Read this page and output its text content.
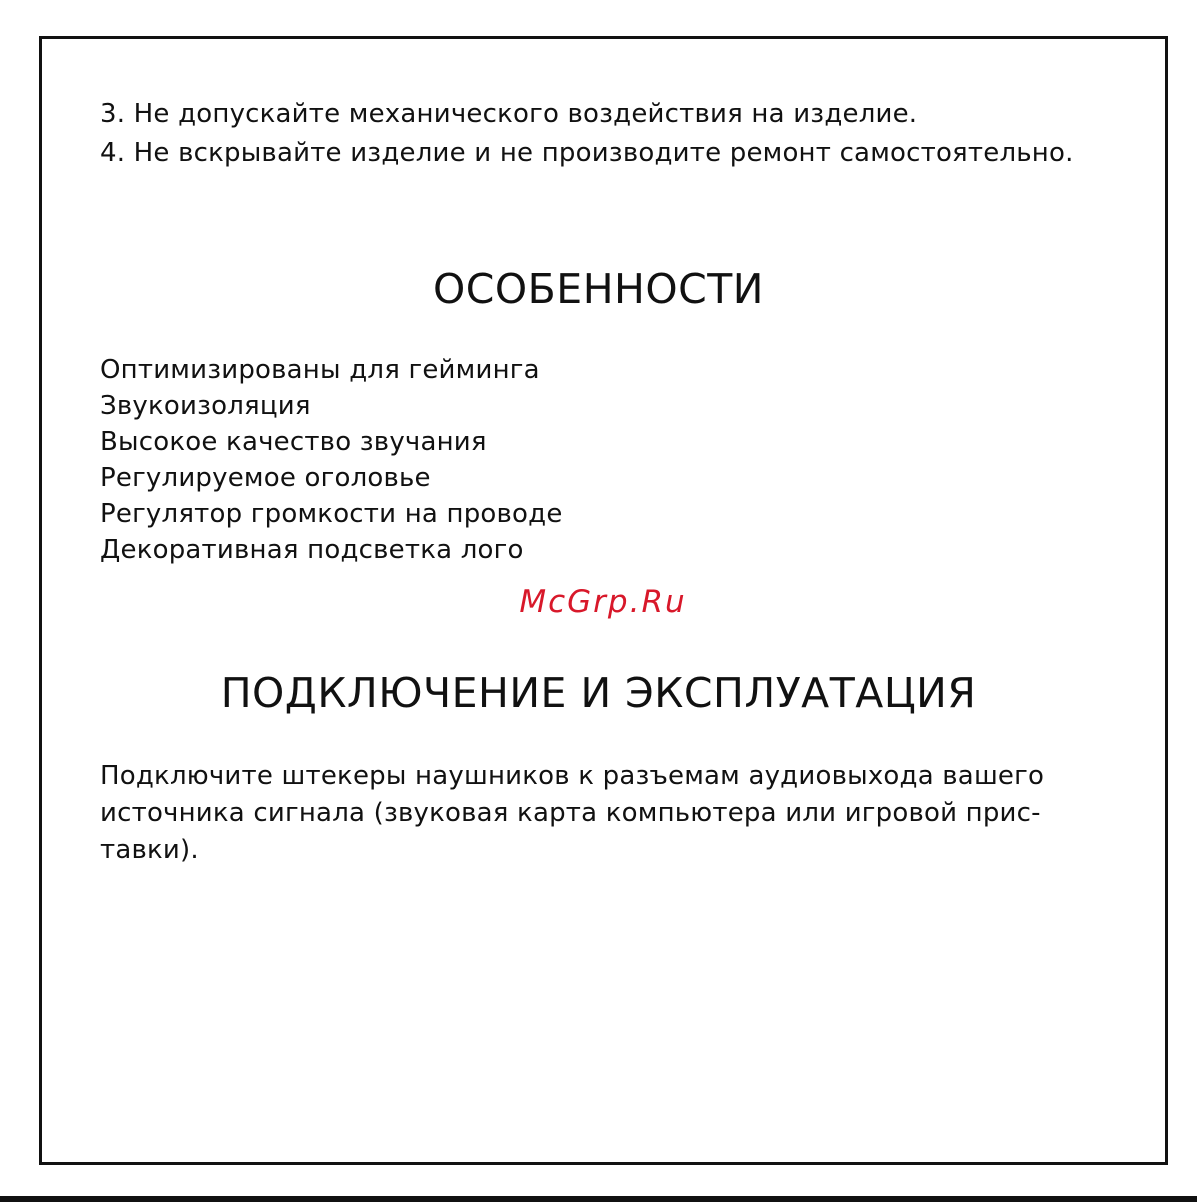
3. Не допускайте механического воздействия на изделие.
4. Не вскрывайте изделие и не производите ремонт самостоятельно.
ОСОБЕННОСТИ
Оптимизированы для гейминга
Звукоизоляция
Высокое качество звучания
Регулируемое оголовье
Регулятор громкости на проводе
Декоративная подсветка лого
McGrp.Ru
ПОДКЛЮЧЕНИЕ И ЭКСПЛУАТАЦИЯ
Подключите штекеры наушников к разъемам аудиовыхода вашего
источника сигнала (звуковая карта компьютера или игровой прис-
тавки).
